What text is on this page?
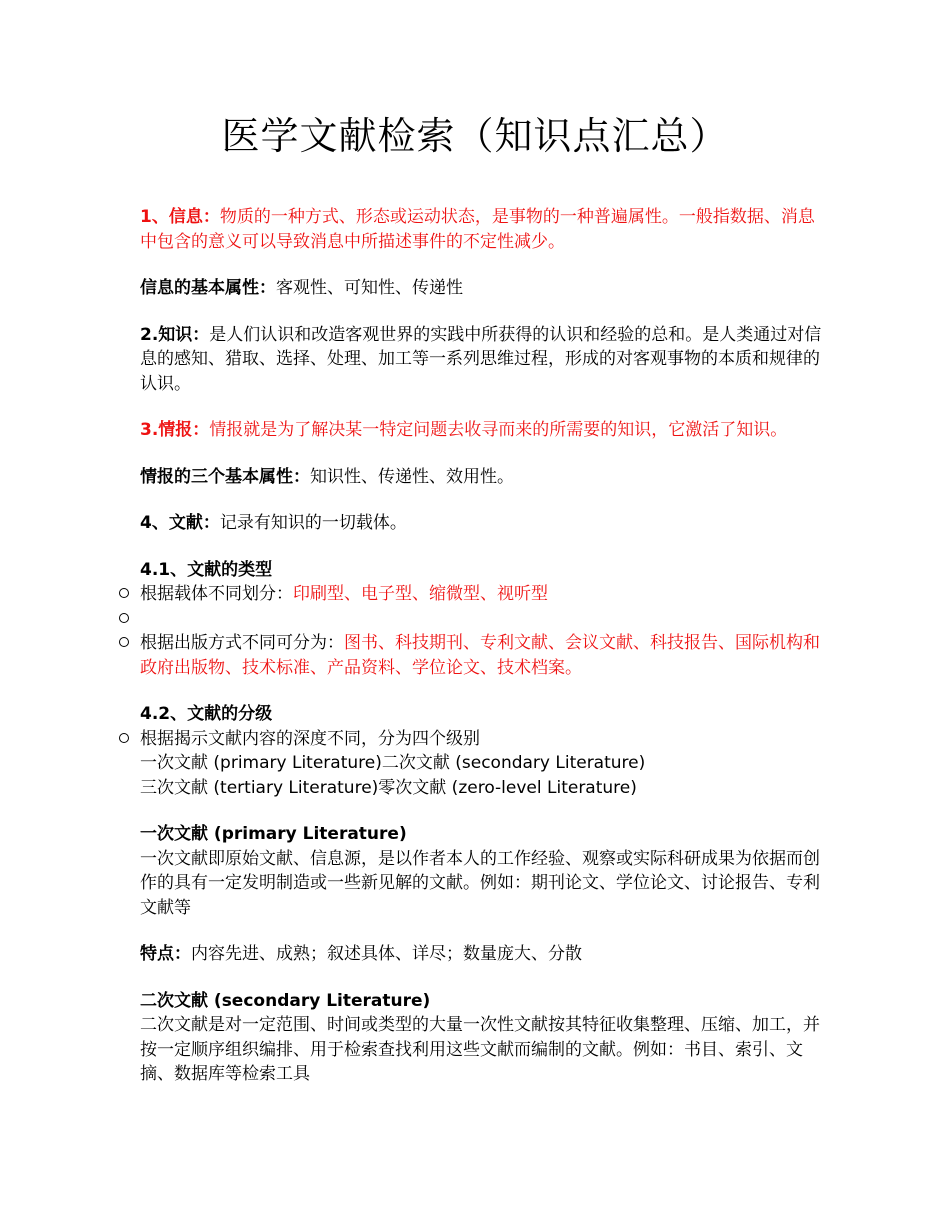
医学文献检索（知识点汇总）

1、信息：物质的一种方式、形态或运动状态，是事物的一种普遍属性。一般指数据、消息中包含的意义可以导致消息中所描述事件的不定性减少。

信息的基本属性：客观性、可知性、传递性

2.知识：是人们认识和改造客观世界的实践中所获得的认识和经验的总和。是人类通过对信息的感知、猎取、选择、处理、加工等一系列思维过程，形成的对客观事物的本质和规律的认识。

3.情报：情报就是为了解决某一特定问题去收寻而来的所需要的知识，它激活了知识。

情报的三个基本属性：知识性、传递性、效用性。

4、文献：记录有知识的一切载体。

4.1、文献的类型

根据载体不同划分：印刷型、电子型、缩微型、视听型
根据出版方式不同可分为：图书、科技期刊、专利文献、会议文献、科技报告、国际机构和政府出版物、技术标准、产品资料、学位论文、技术档案。

4.2、文献的分级

根据揭示文献内容的深度不同，分为四个级别
一次文献 (primary Literature)二次文献 (secondary Literature)
三次文献 (tertiary Literature)零次文献 (zero-level Literature)

一次文献 (primary Literature)

一次文献即原始文献、信息源，是以作者本人的工作经验、观察或实际科研成果为依据而创作的具有一定发明制造或一些新见解的文献。例如：期刊论文、学位论文、讨论报告、专利文献等

特点：内容先进、成熟；叙述具体、详尽；数量庞大、分散

二次文献 (secondary Literature)

二次文献是对一定范围、时间或类型的大量一次性文献按其特征收集整理、压缩、加工，并按一定顺序组织编排、用于检索查找利用这些文献而编制的文献。例如：书目、索引、文摘、数据库等检索工具
